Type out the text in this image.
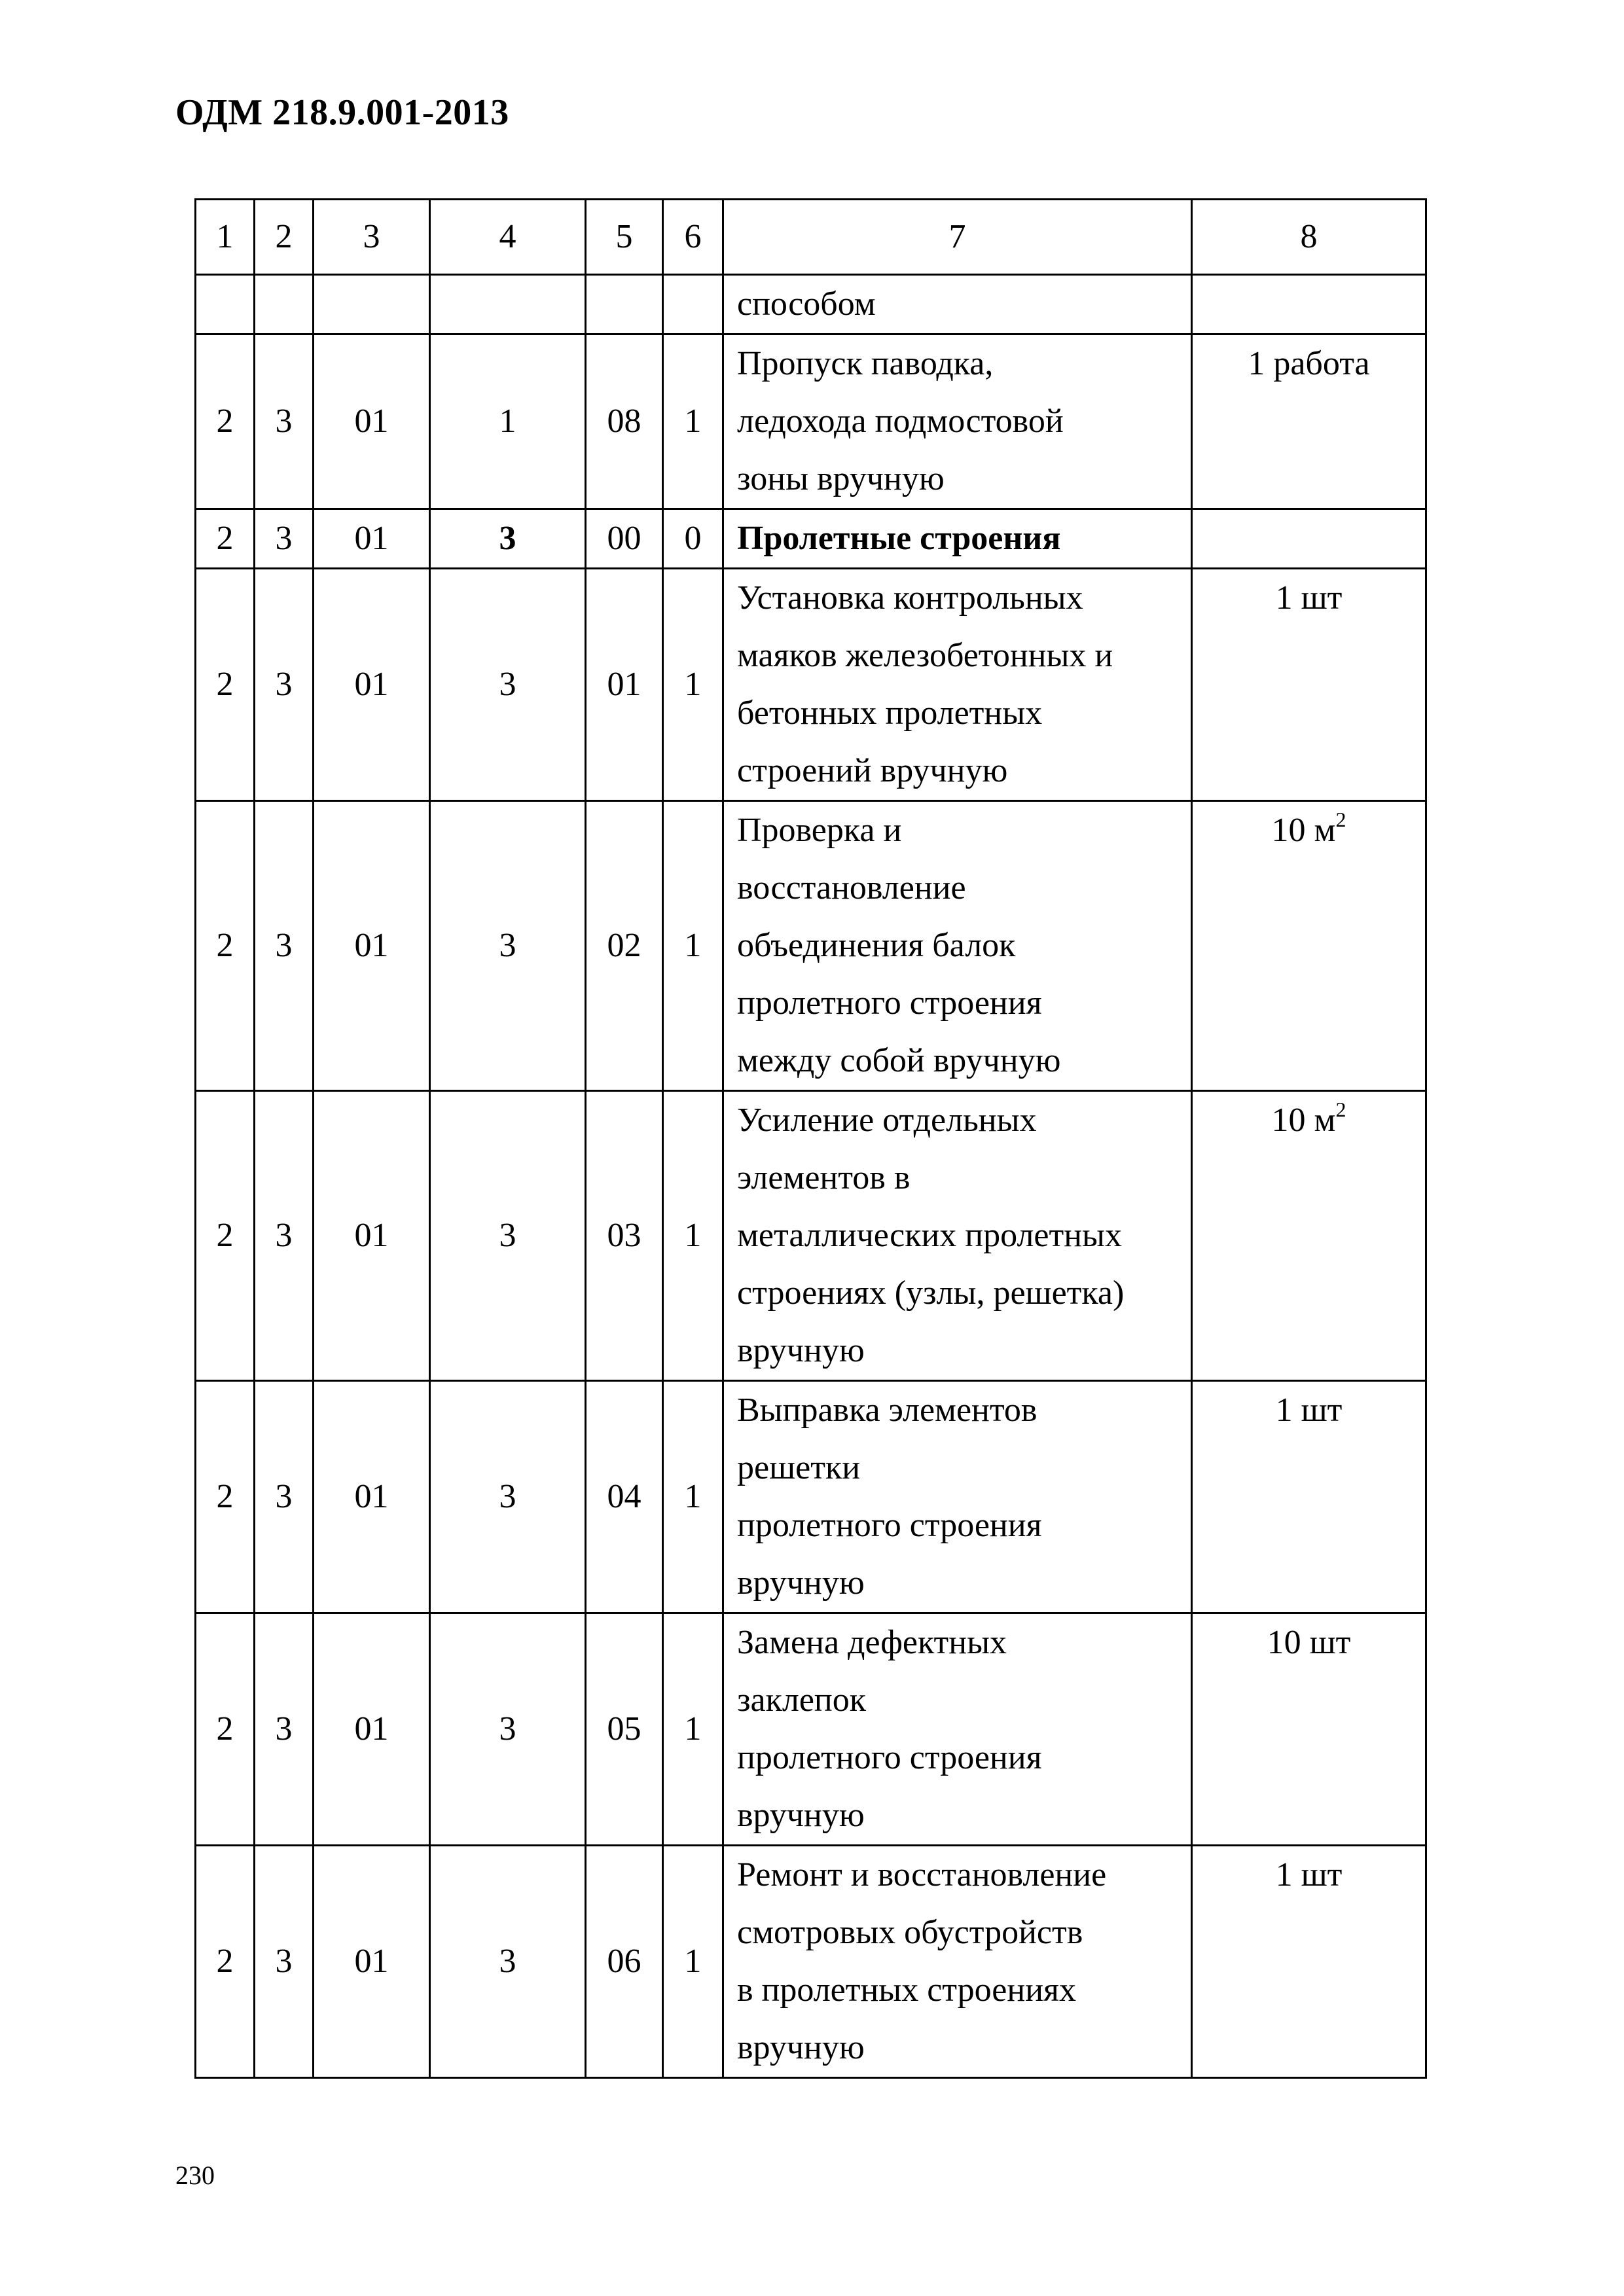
ОДМ 218.9.001-2013
1	2	3	4	5	6	7	8

						способом	

2	3	01	1	08	1	Пропуск паводка,
ледохода подмостовой
зоны вручную	1 работа
2	3	01	3	00	0	Пролетные строения	

2	3	01	3	01	1	Установка контрольных
маяков железобетонных и
бетонных пролетных
строений вручную	1 шт
2	3	01	3	02	1	Проверка и
восстановление
объединения балок
пролетного строения
между собой вручную	10 $м^2$
2	3	01	3	03	1	Усиление отдельных
элементов в
металлических пролетных
строениях (узлы, решетка)
вручную	10 $м^2$
2	3	01	3	04	1	Выправка элементов
решетки
пролетного строения
вручную	1 шт
2	3	01	3	05	1	Замена дефектных
заклепок
пролетного строения
вручную	10 шт
2	3	01	3	06	1	Ремонт и восстановление
смотровых обустройств
в пролетных строениях
вручную	1 шт
230
